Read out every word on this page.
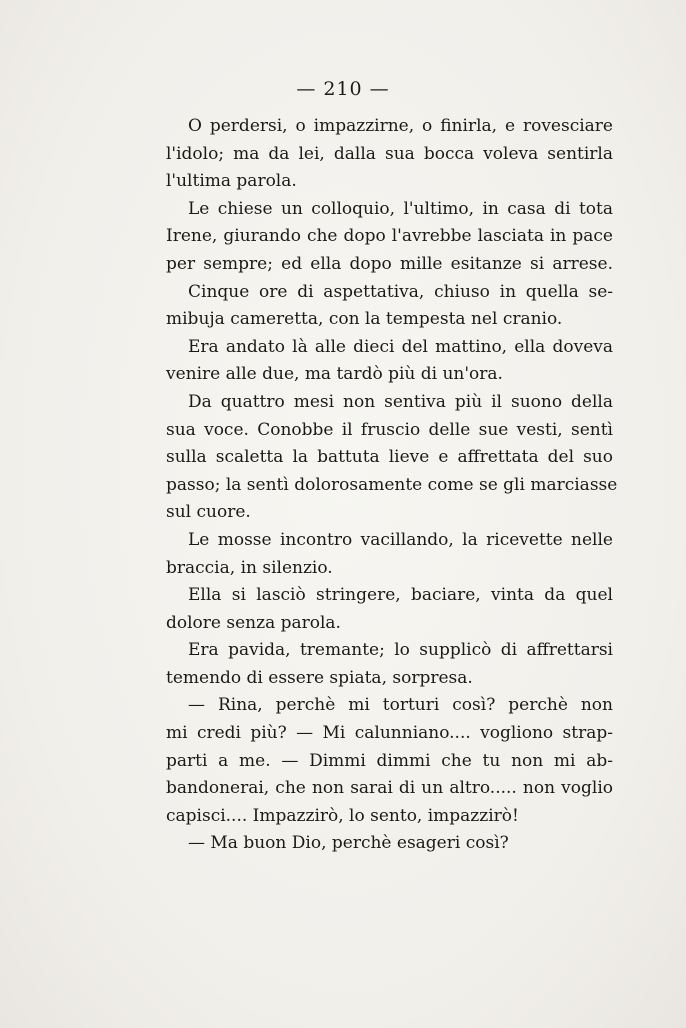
— 210 —
O perdersi, o impazzirne, o finirla, e rovesciare
l'idolo; ma da lei, dalla sua bocca voleva sentirla
l'ultima parola.
Le chiese un colloquio, l'ultimo, in casa di tota
Irene, giurando che dopo l'avrebbe lasciata in pace
per sempre; ed ella dopo mille esitanze si arrese.
Cinque ore di aspettativa, chiuso in quella se-
mibuja cameretta, con la tempesta nel cranio.
Era andato là alle dieci del mattino, ella doveva
venire alle due, ma tardò più di un'ora.
Da quattro mesi non sentiva più il suono della
sua voce. Conobbe il fruscio delle sue vesti, sentì
sulla scaletta la battuta lieve e affrettata del suo
passo; la sentì dolorosamente come se gli marciasse
sul cuore.
Le mosse incontro vacillando, la ricevette nelle
braccia, in silenzio.
Ella si lasciò stringere, baciare, vinta da quel
dolore senza parola.
Era pavida, tremante; lo supplicò di affrettarsi
temendo di essere spiata, sorpresa.
— Rina, perchè mi torturi così? perchè non
mi credi più? — Mi calunniano.... vogliono strap-
parti a me. — Dimmi dimmi che tu non mi ab-
bandonerai, che non sarai di un altro..... non voglio
capisci.... Impazzirò, lo sento, impazzirò!
— Ma buon Dio, perchè esageri così?
